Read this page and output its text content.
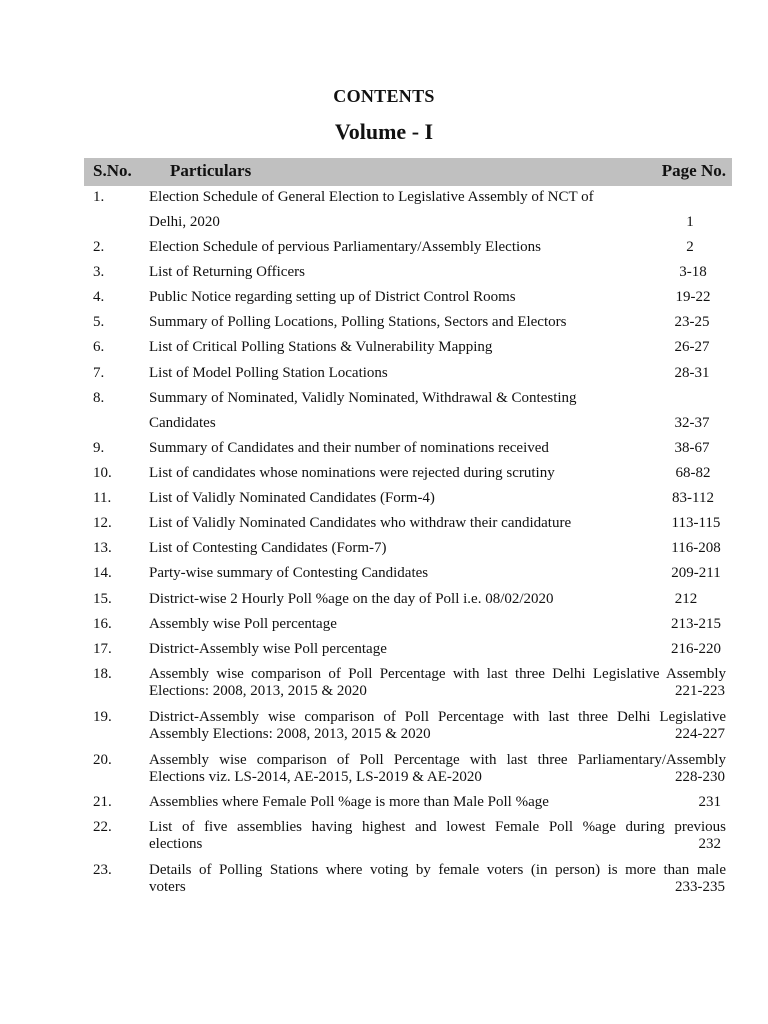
CONTENTS
Volume - I
S.No. Particulars	Page No.
1.	Election Schedule of General Election to Legislative Assembly of NCT of
Delhi, 2020	1
2.	Election Schedule of pervious Parliamentary/Assembly Elections	2
3.	List of Returning Officers	3-18
4.	Public Notice regarding setting up of District Control Rooms	19-22
5.	Summary of Polling Locations, Polling Stations, Sectors and Electors	23-25
6.	List of Critical Polling Stations & Vulnerability Mapping	26-27
7.	List of Model Polling Station Locations	28-31
8.	Summary of Nominated, Validly Nominated, Withdrawal & Contesting
Candidates	32-37
9.	Summary of Candidates and their number of nominations received	38-67
10. List of candidates whose nominations were rejected during scrutiny	68-82
11.	List of Validly Nominated Candidates (Form-4)	83-112
12. List of Validly Nominated Candidates who withdraw their candidature	113-115
13. List of Contesting Candidates (Form-7)	116-208
14. Party-wise summary of Contesting Candidates	209-211
15. District-wise 2 Hourly Poll %age on the day of Poll i.e. 08/02/2020	212
16. Assembly wise Poll percentage	213-215
17. District-Assembly wise Poll percentage	216-220
18. Assembly wise comparison of Poll Percentage with last three Delhi Legislative Assembly
Elections: 2008, 2013, 2015 & 2020	221-223
19. District-Assembly wise comparison of Poll Percentage with last three Delhi Legislative
Assembly Elections: 2008, 2013, 2015 & 2020	224-227
20. Assembly wise comparison of Poll Percentage with last three Parliamentary/Assembly
Elections viz. LS-2014, AE-2015, LS-2019 & AE-2020	228-230
21. Assemblies where Female Poll %age is more than Male Poll %age	231
22. List of five assemblies having highest and lowest Female Poll %age during previous
elections	232
23. Details of Polling Stations where voting by female voters (in person) is more than male
voters	233-235
